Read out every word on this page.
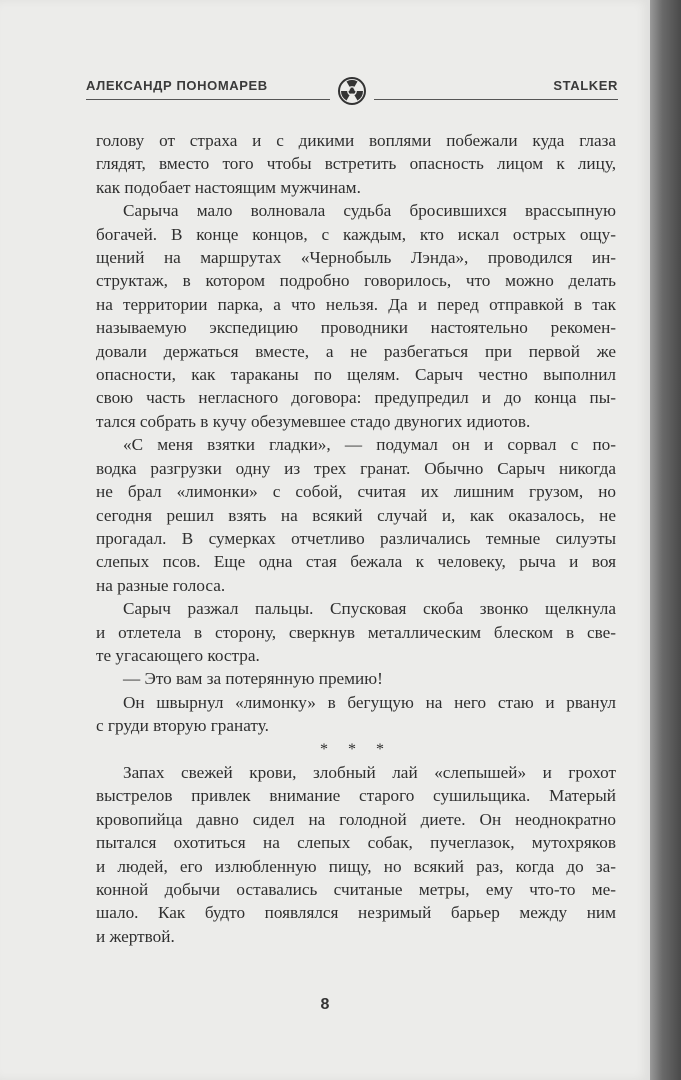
АЛЕКСАНДР ПОНОМАРЕВ	STALKER

голову от страха и с дикими воплями побежали куда глаза
глядят, вместо того чтобы встретить опасность лицом к лицу,
как подобает настоящим мужчинам.

Сарыча мало волновала судьба бросившихся врассыпную
богачей. В конце концов, с каждым, кто искал острых ощу-
щений на маршрутах «Чернобыль Лэнда», проводился ин-
структаж, в котором подробно говорилось, что можно делать
на территории парка, а что нельзя. Да и перед отправкой в так
называемую экспедицию проводники настоятельно рекомен-
довали держаться вместе, а не разбегаться при первой же
опасности, как тараканы по щелям. Сарыч честно выполнил
свою часть негласного договора: предупредил и до конца пы-
тался собрать в кучу обезумевшее стадо двуногих идиотов.

«С меня взятки гладки», — подумал он и сорвал с по-
водка разгрузки одну из трех гранат. Обычно Сарыч никогда
не брал «лимонки» с собой, считая их лишним грузом, но
сегодня решил взять на всякий случай и, как оказалось, не
прогадал. В сумерках отчетливо различались темные силуэты
слепых псов. Еще одна стая бежала к человеку, рыча и воя
на разные голоса.

Сарыч разжал пальцы. Спусковая скоба звонко щелкнула
и отлетела в сторону, сверкнув металлическим блеском в све-
те угасающего костра.

— Это вам за потерянную премию!

Он швырнул «лимонку» в бегущую на него стаю и рванул
с груди вторую гранату.

* * *

Запах свежей крови, злобный лай «слепышей» и грохот
выстрелов привлек внимание старого сушильщика. Матерый
кровопийца давно сидел на голодной диете. Он неоднократно
пытался охотиться на слепых собак, пучеглазок, мутохряков
и людей, его излюбленную пищу, но всякий раз, когда до за-
конной добычи оставались считаные метры, ему что-то ме-
шало. Как будто появлялся незримый барьер между ним
и жертвой.

8
